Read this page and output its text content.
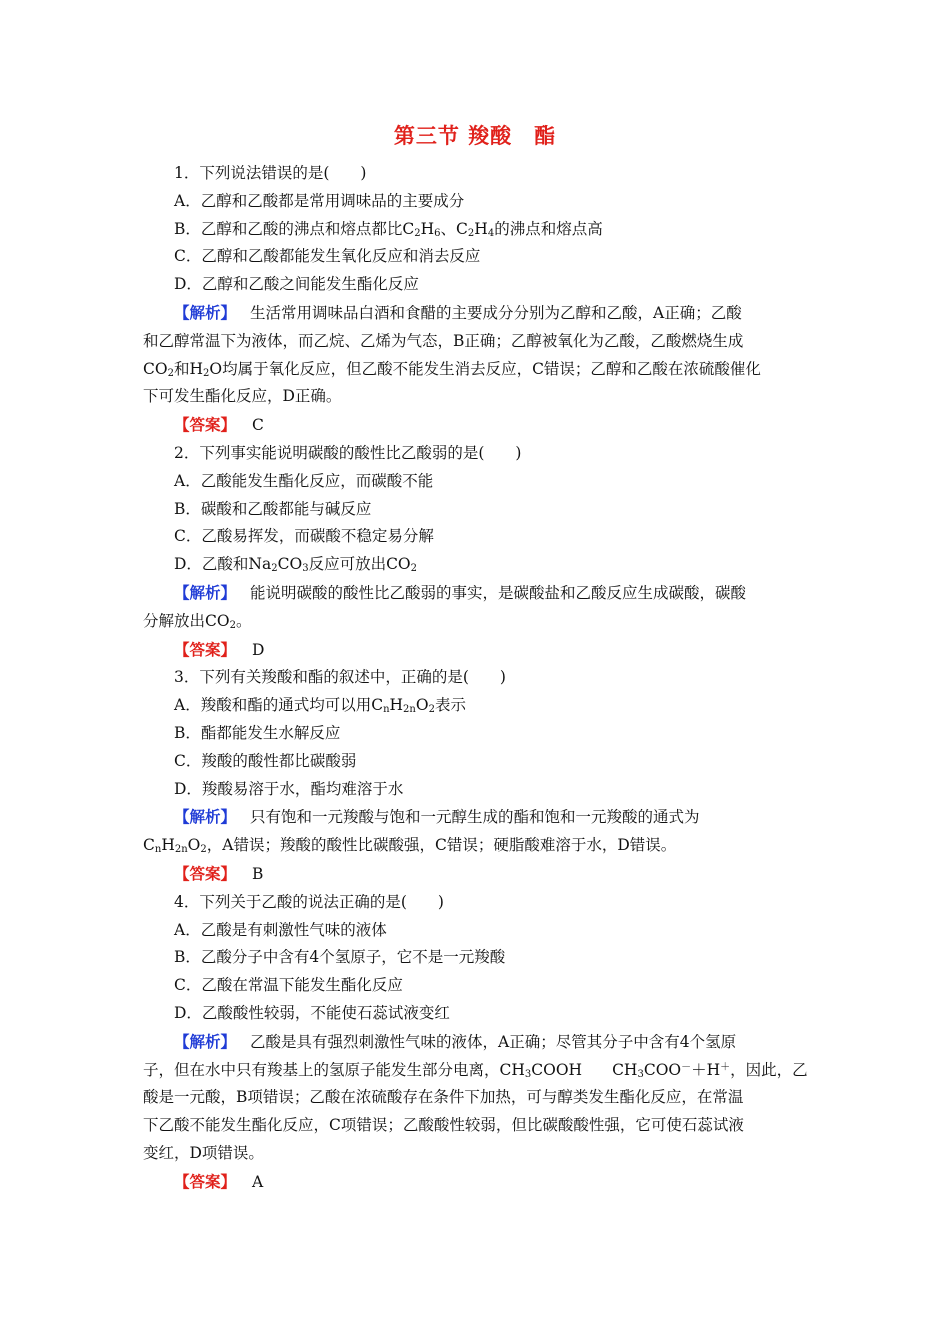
第三节 羧酸　酯
1．下列说法错误的是(　　)
A．乙醇和乙酸都是常用调味品的主要成分
B．乙醇和乙酸的沸点和熔点都比$C_2H_6$、$C_2H_4$的沸点和熔点高
C．乙醇和乙酸都能发生氧化反应和消去反应
D．乙醇和乙酸之间能发生酯化反应
【解析】 生活常用调味品白酒和食醋的主要成分分别为乙醇和乙酸，A正确；乙酸
和乙醇常温下为液体，而乙烷、乙烯为气态，B正确；乙醇被氧化为乙酸，乙酸燃烧生成
$CO_2$和$H_2O$均属于氧化反应，但乙酸不能发生消去反应，C错误；乙醇和乙酸在浓硫酸催化
下可发生酯化反应，D正确。
【答案】 C
2．下列事实能说明碳酸的酸性比乙酸弱的是(　　)
A．乙酸能发生酯化反应，而碳酸不能
B．碳酸和乙酸都能与碱反应
C．乙酸易挥发，而碳酸不稳定易分解
D．乙酸和$Na_2CO_3$反应可放出$CO_2$
【解析】 能说明碳酸的酸性比乙酸弱的事实，是碳酸盐和乙酸反应生成碳酸，碳酸
分解放出$CO_2$。
【答案】 D
3．下列有关羧酸和酯的叙述中，正确的是(　　)
A．羧酸和酯的通式均可以用$C_nH_{2n}O_2$表示
B．酯都能发生水解反应
C．羧酸的酸性都比碳酸弱
D．羧酸易溶于水，酯均难溶于水
【解析】 只有饱和一元羧酸与饱和一元醇生成的酯和饱和一元羧酸的通式为
$C_nH_{2n}O_2$，A错误；羧酸的酸性比碳酸强，C错误；硬脂酸难溶于水，D错误。
【答案】 B
4．下列关于乙酸的说法正确的是(　　)
A．乙酸是有刺激性气味的液体
B．乙酸分子中含有4个氢原子，它不是一元羧酸
C．乙酸在常温下能发生酯化反应
D．乙酸酸性较弱，不能使石蕊试液变红
【解析】 乙酸是具有强烈刺激性气味的液体，A正确；尽管其分子中含有4个氢原
子，但在水中只有羧基上的氢原子能发生部分电离，$CH_3COOH$ $CH_3COO^-+H^+$，因此，乙
酸是一元酸，B项错误；乙酸在浓硫酸存在条件下加热，可与醇类发生酯化反应，在常温
下乙酸不能发生酯化反应，C项错误；乙酸酸性较弱，但比碳酸酸性强，它可使石蕊试液
变红，D项错误。
【答案】 A
